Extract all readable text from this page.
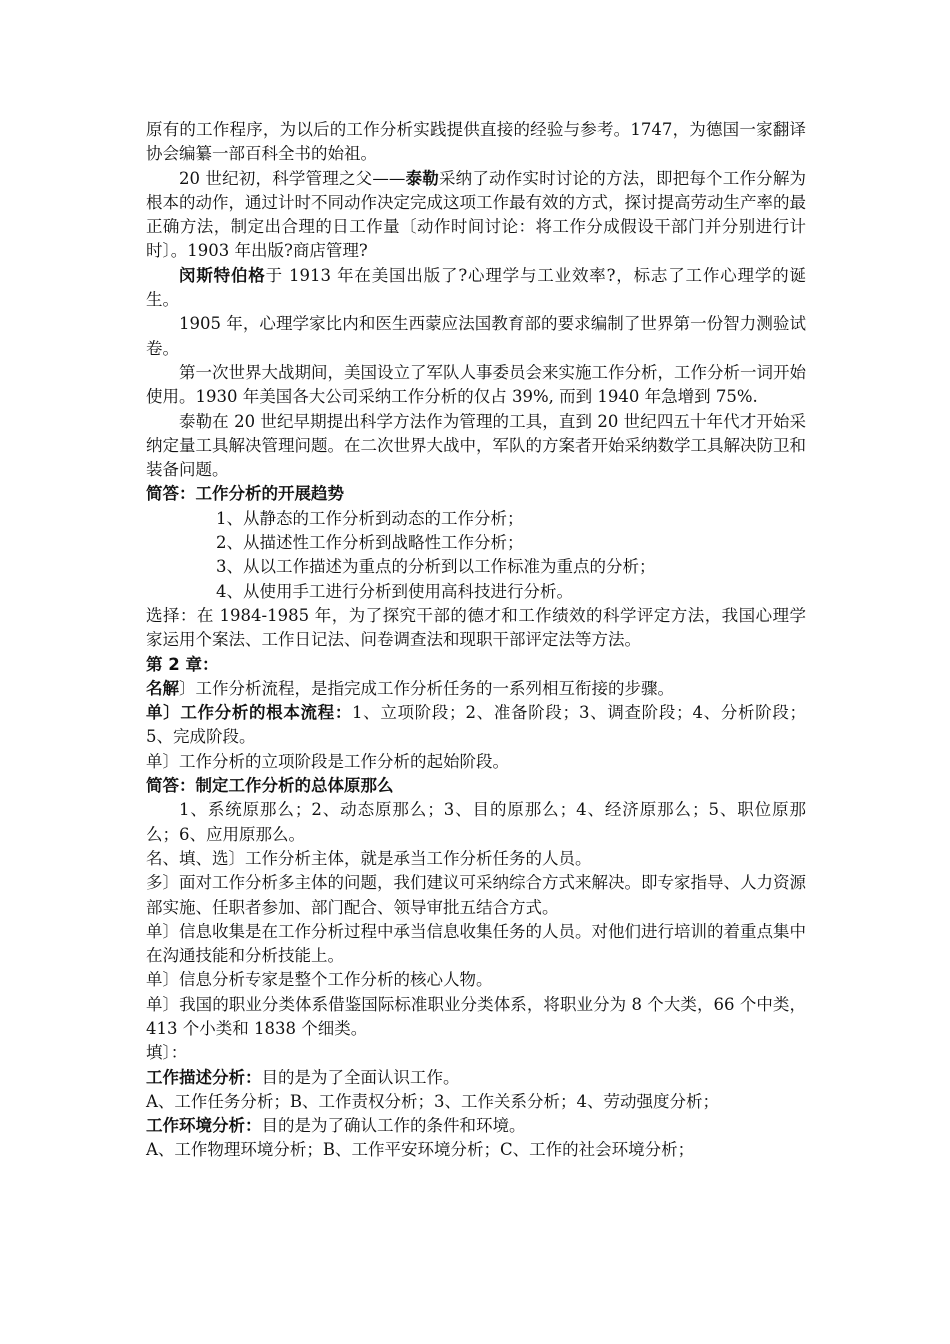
原有的工作程序，为以后的工作分析实践提供直接的经验与参考。1747，为德国一家翻译协会编纂一部百科全书的始祖。

20 世纪初，科学管理之父——泰勒采纳了动作实时讨论的方法，即把每个工作分解为根本的动作，通过计时不同动作决定完成这项工作最有效的方式，探讨提高劳动生产率的最正确方法，制定出合理的日工作量〔动作时间讨论：将工作分成假设干部门并分别进行计时〕。1903 年出版?商店管理?

闵斯特伯格于 1913 年在美国出版了?心理学与工业效率?，标志了工作心理学的诞生。

1905 年，心理学家比内和医生西蒙应法国教育部的要求编制了世界第一份智力测验试卷。

第一次世界大战期间，美国设立了军队人事委员会来实施工作分析，工作分析一词开始使用。1930 年美国各大公司采纳工作分析的仅占 39%, 而到 1940 年急增到 75%.

泰勒在 20 世纪早期提出科学方法作为管理的工具，直到 20 世纪四五十年代才开始采纳定量工具解决管理问题。在二次世界大战中，军队的方案者开始采纳数学工具解决防卫和装备问题。

简答：工作分析的开展趋势

1、从静态的工作分析到动态的工作分析；

2、从描述性工作分析到战略性工作分析；

3、从以工作描述为重点的分析到以工作标准为重点的分析；

4、从使用手工进行分析到使用高科技进行分析。

选择：在 1984-1985 年，为了探究干部的德才和工作绩效的科学评定方法，我国心理学家运用个案法、工作日记法、问卷调查法和现职干部评定法等方法。

第 2 章：

名解〕工作分析流程，是指完成工作分析任务的一系列相互衔接的步骤。

单〕工作分析的根本流程：1、立项阶段；2、准备阶段；3、调查阶段；4、分析阶段；5、完成阶段。

单〕工作分析的立项阶段是工作分析的起始阶段。

简答：制定工作分析的总体原那么

1、系统原那么；2、动态原那么；3、目的原那么；4、经济原那么；5、职位原那么；6、应用原那么。

名、填、选〕工作分析主体，就是承当工作分析任务的人员。

多〕面对工作分析多主体的问题，我们建议可采纳综合方式来解决。即专家指导、人力资源部实施、任职者参加、部门配合、领导审批五结合方式。

单〕信息收集是在工作分析过程中承当信息收集任务的人员。对他们进行培训的着重点集中在沟通技能和分析技能上。

单〕信息分析专家是整个工作分析的核心人物。

单〕我国的职业分类体系借鉴国际标准职业分类体系，将职业分为 8 个大类，66 个中类，413 个小类和 1838 个细类。

填〕：

工作描述分析：目的是为了全面认识工作。

A、工作任务分析；B、工作责权分析；3、工作关系分析；4、劳动强度分析；

工作环境分析：目的是为了确认工作的条件和环境。

A、工作物理环境分析；B、工作平安环境分析；C、工作的社会环境分析；
